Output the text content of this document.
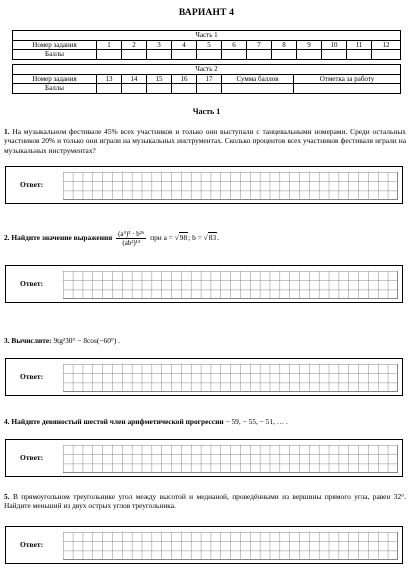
ВАРИАНТ 4
Часть 1												
Номер задания	1	2	3	4	5	6	7	8	9	10	11	12
Баллы												
Часть 2							
Номер задания	13	14	15	16	17	Сумма баллов	Отметка за работу
Баллы							
Часть 1
1. На музыкальном фестивале 45% всех участников и только они выступали с танцевальными номерами. Среди остальных участников 20% и только они играли на музыкальных инструментах. Сколько процентов всех участников фестиваля играли на музыкальных инструментах?
Ответ:
2. Найдите значение выражения $\frac{\text{(a⁵)³ · b²⁶}}{\text{(ab²)¹³}}$ при a = √98; b = √83.
Ответ:
3. Вычислите: 9tg²30° − 8cos(−60°) .
Ответ:
4. Найдите девяностый шестой член арифметической прогрессии − 59, − 55, − 51, … .
Ответ:
5. В прямоугольном треугольнике угол между высотой и медианой, проведёнными из вершины прямого угла, равен 32°. Найдите меньший из двух острых углов треугольника.
Ответ:
